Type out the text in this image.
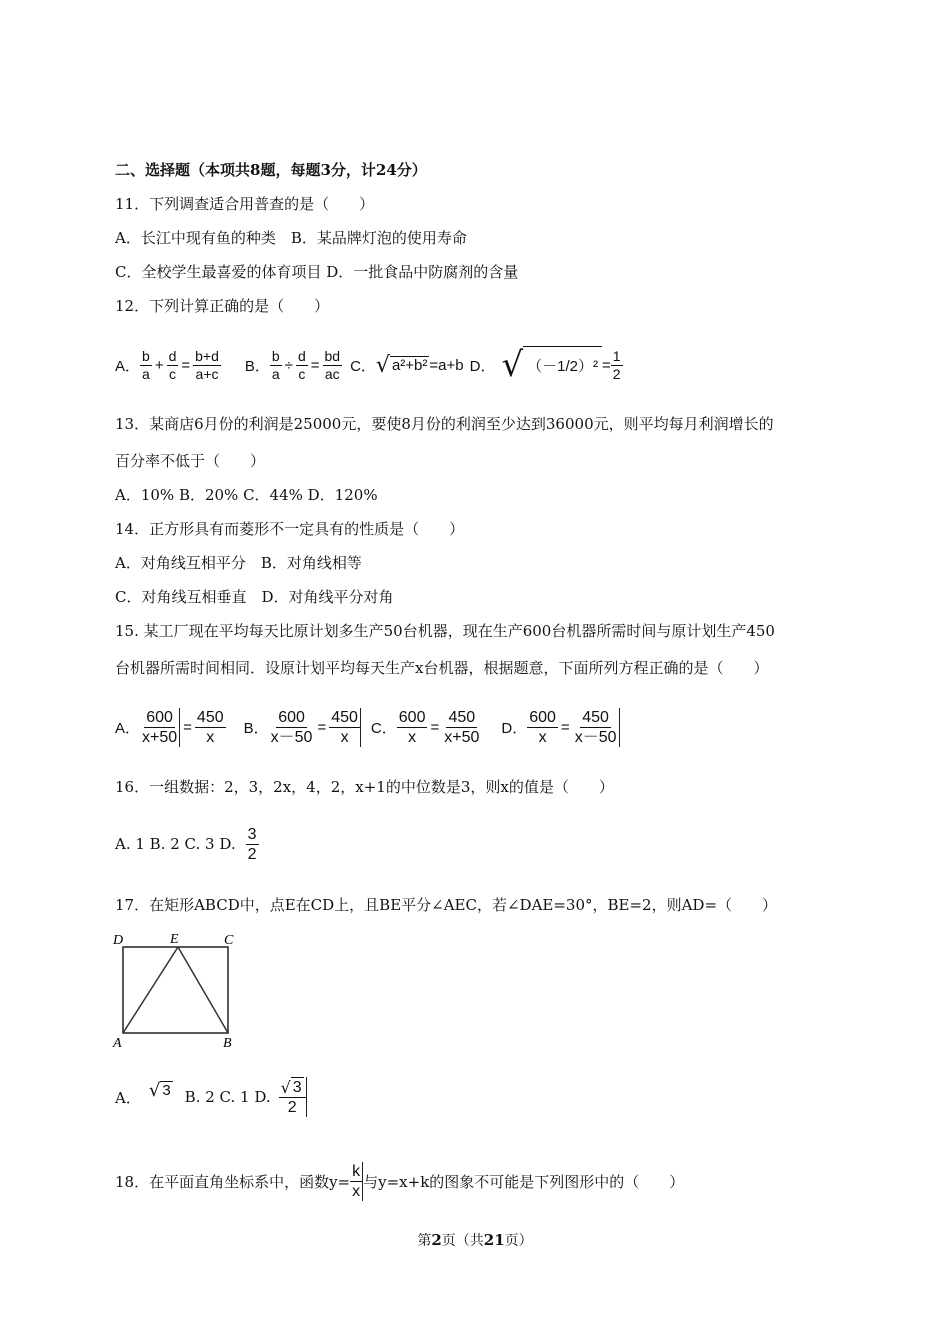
二、选择题（本项共8题，每题3分，计24分）
11．下列调查适合用普查的是（　　）
A．长江中现有鱼的种类　B．某品牌灯泡的使用寿命
C．全校学生最喜爱的体育项目 D．一批食品中防腐剂的含量
12．下列计算正确的是（　　）
A． $\frac{b}{a} + \frac{d}{c} = \frac{b+d}{a+c}$ B． $\frac{b}{a} \div \frac{d}{c} = \frac{bd}{ac}$ C． √ a²+b² =a+b D． √ $(-1/2)^2 = \frac{1}{2}$
13．某商店6月份的利润是25000元，要使8月份的利润至少达到36000元，则平均每月利润增长的
百分率不低于（　　）
A．10% B．20% C．44% D．120%
14．正方形具有而菱形不一定具有的性质是（　　）
A．对角线互相平分　B．对角线相等
C．对角线互相垂直　D．对角线平分对角
15. 某工厂现在平均每天比原计划多生产50台机器，现在生产600台机器所需时间与原计划生产450
台机器所需时间相同．设原计划平均每天生产x台机器，根据题意，下面所列方程正确的是（　　）
A． $\frac{600}{x+50} = \frac{450}{x}$ B． $\frac{600}{x-50} = \frac{450}{x}$ C． $\frac{600}{x} = \frac{450}{x+50}$ D． $\frac{600}{x} = \frac{450}{x-50}$
16．一组数据：2，3，2x，4，2，x+1的中位数是3，则x的值是（　　）
A. 1 B. 2 C. 3 D. $\frac{3}{2}$
17．在矩形ABCD中，点E在CD上，且BE平分∠AEC，若∠DAE=30°，BE=2，则AD=（　　）
D	E	C
A	B
A． √ 3 B. 2 C. 1 D. $\frac{√ 3}{2}$
18．在平面直角坐标系中，函数$y= \frac{k}{x}$ 与y=x+k的图象不可能是下列图形中的（　　）
第2页（共21页）
